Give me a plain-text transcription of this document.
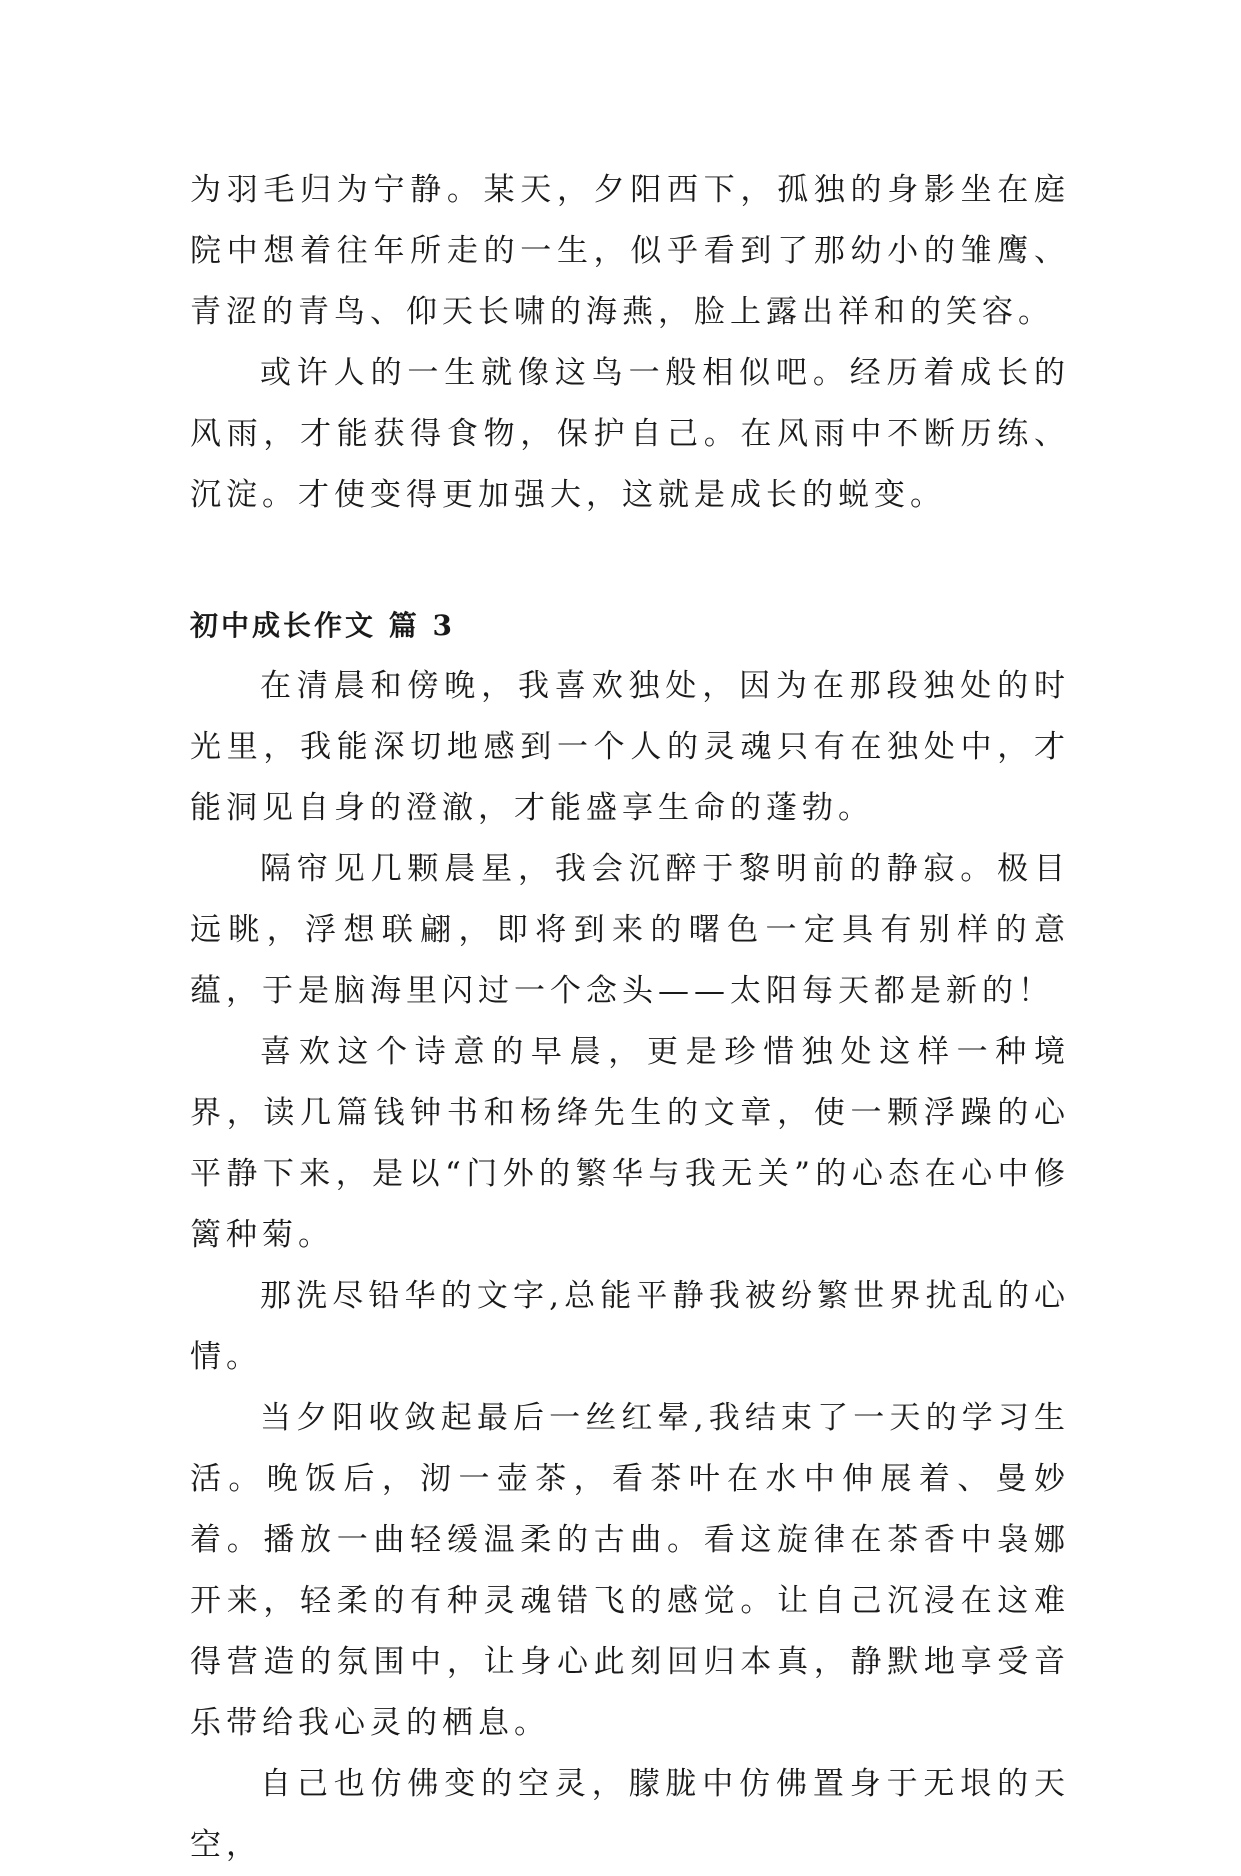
为羽毛归为宁静。某天，夕阳西下，孤独的身影坐在庭院中想着往年所走的一生，似乎看到了那幼小的雏鹰、青涩的青鸟、仰天长啸的海燕，脸上露出祥和的笑容。

或许人的一生就像这鸟一般相似吧。经历着成长的风雨，才能获得食物，保护自己。在风雨中不断历练、沉淀。才使变得更加强大，这就是成长的蜕变。

初中成长作文 篇 3

在清晨和傍晚，我喜欢独处，因为在那段独处的时光里，我能深切地感到一个人的灵魂只有在独处中，才能洞见自身的澄澈，才能盛享生命的蓬勃。

隔帘见几颗晨星，我会沉醉于黎明前的静寂。极目远眺，浮想联翩，即将到来的曙色一定具有别样的意蕴，于是脑海里闪过一个念头——太阳每天都是新的！

喜欢这个诗意的早晨，更是珍惜独处这样一种境界，读几篇钱钟书和杨绛先生的文章，使一颗浮躁的心平静下来，是以“门外的繁华与我无关”的心态在心中修篱种菊。

那洗尽铅华的文字,总能平静我被纷繁世界扰乱的心情。

当夕阳收敛起最后一丝红晕,我结束了一天的学习生活。晚饭后，沏一壶茶，看茶叶在水中伸展着、曼妙着。播放一曲轻缓温柔的古曲。看这旋律在茶香中袅娜开来，轻柔的有种灵魂错飞的感觉。让自己沉浸在这难得营造的氛围中，让身心此刻回归本真，静默地享受音乐带给我心灵的栖息。

自己也仿佛变的空灵，朦胧中仿佛置身于无垠的天空，
